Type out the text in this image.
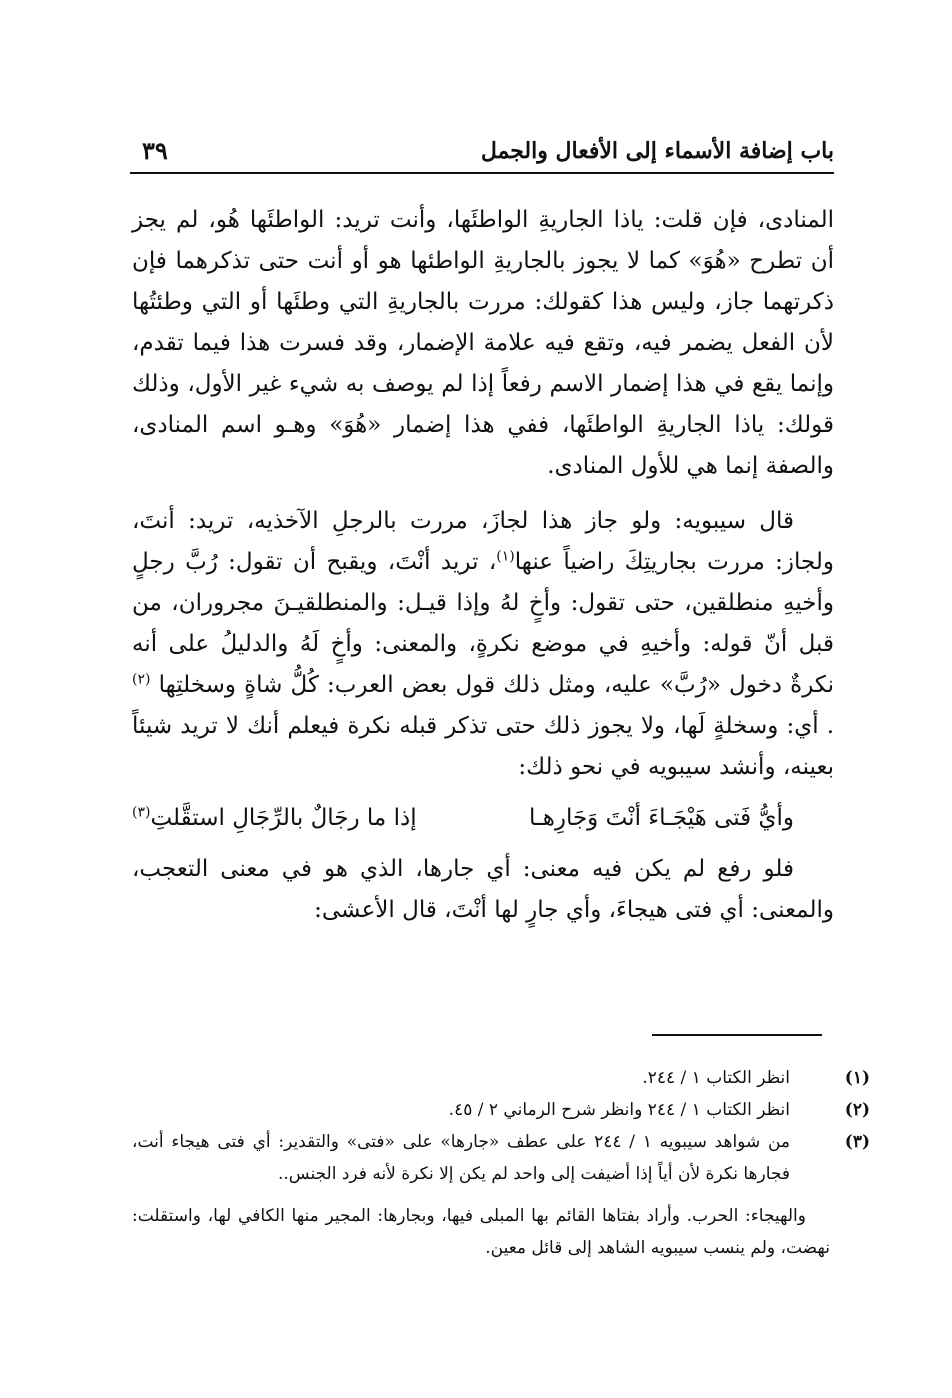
باب إضافة الأسماء إلى الأفعال والجمل
٣٩

المنادى، فإن قلت: ياذا الجاريةِ الواطئَها، وأنت تريد: الواطئَها هُو، لم يجز أن تطرح «هُوَ» كما لا يجوز بالجاريةِ الواطئها هو أو أنت حتى تذكرهما فإن ذكرتهما جاز، وليس هذا كقولك: مررت بالجاريةِ التي وطئَها أو التي وطئتُها لأن الفعل يضمر فيه، وتقع فيه علامة الإضمار، وقد فسرت هذا فيما تقدم، وإنما يقع في هذا إضمار الاسم رفعاً إذا لم يوصف به شيء غير الأول، وذلك قولك: ياذا الجاريةِ الواطئَها، ففي هذا إضمار «هُوَ» وهـو اسم المنادى، والصفة إنما هي للأول المنادى.

قال سيبويه: ولو جاز هذا لجازَ، مررت بالرجلِ الآخذيه، تريد: أنتَ، ولجاز: مررت بجاريتِكَ راضياً عنها$^{(١)}$، تريد أنْتَ، ويقبح أن تقول: رُبَّ رجلٍ وأخيهِ منطلقين، حتى تقول: وأخٍ لهُ وإذا قيـل: والمنطلقيـنَ مجروران، من قبل أنّ قوله: وأخيهِ في موضع نكرةٍ، والمعنى: وأخٍ لَهُ والدليلُ على أنه نكرةٌ دخول «رُبَّ» عليه، ومثل ذلك قول بعض العرب: كُلُّ شاةٍ وسخلتِها $^{(٢)}$ . أي: وسخلةٍ لَها، ولا يجوز ذلك حتى تذكر قبله نكرة فيعلم أنك لا تريد شيئاً بعينه، وأنشد سيبويه في نحو ذلك:

وأيُّ فَتى هَيْجَـاءَ أنْتَ وَجَارِهـا
إذا ما رجَالٌ بالرِّجَالِ استقَّلتِ$^{(٣)}$

فلو رفع لم يكن فيه معنى: أي جارها، الذي هو في معنى التعجب، والمعنى: أي فتى هيجاءَ، وأي جارٍ لها أنْتَ، قال الأعشى:

(١)انظر الكتاب ١ / ٢٤٤.

(٢)انظر الكتاب ١ / ٢٤٤ وانظر شرح الرماني ٢ / ٤٥.

(٣)من شواهد سيبويه ١ / ٢٤٤ على عطف «جارها» على «فتى» والتقدير: أي فتى هيجاء أنت، فجارها نكرة لأن أياً إذا أضيفت إلى واحد لم يكن إلا نكرة لأنه فرد الجنس..

والهيجاء: الحرب. وأراد بفتاها القائم بها المبلى فيها، وبجارها: المجير منها الكافي لها، واستقلت: نهضت، ولم ينسب سيبويه الشاهد إلى قائل معين.
